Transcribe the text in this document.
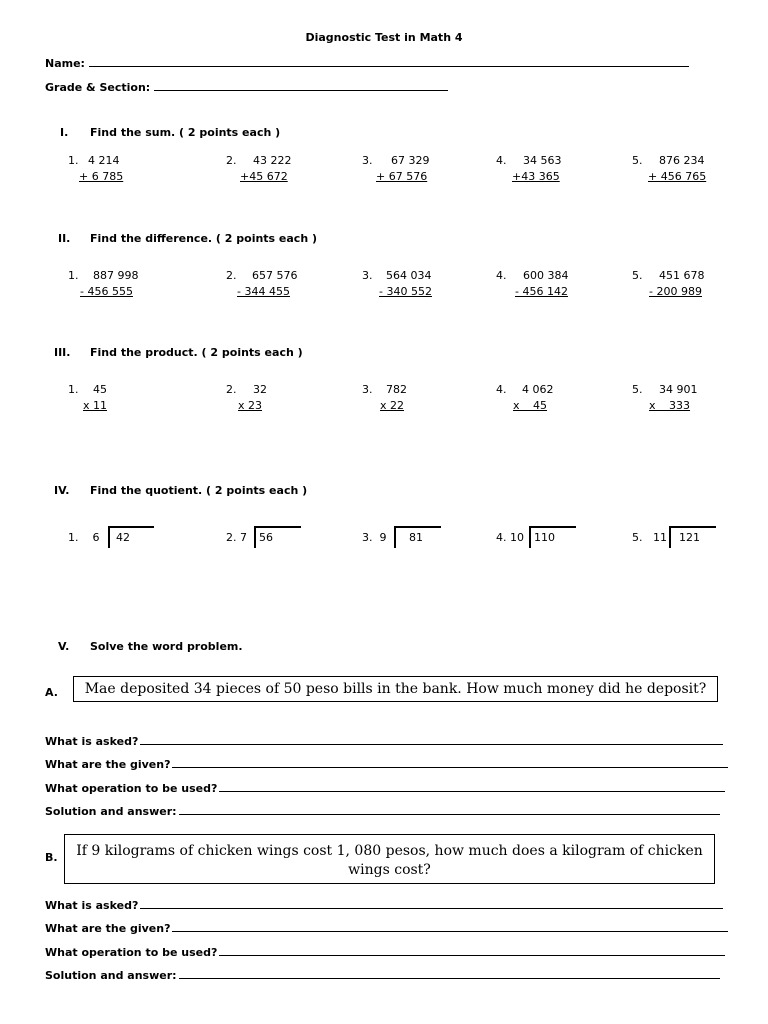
Diagnostic Test in Math 4
Name:
Grade & Section:
I. Find the sum. ( 2 points each )
1. 4 214
+ 6 785
2. 43 222
+45 672
3. 67 329
+ 67 576
4. 34 563
+43 365
5. 876 234
+ 456 765
II. Find the difference. ( 2 points each )
1. 887 998
- 456 555
2. 657 576
- 344 455
3. 564 034
- 340 552
4. 600 384
- 456 142
5. 451 678
- 200 989
III. Find the product. ( 2 points each )
1. 45
x 11
2. 32
x 23
3. 782
x 22
4. 4 062
x 45
5. 34 901
x 333
IV. Find the quotient. ( 2 points each )
1. 6 42	2. 7 56	3. 9 81	4. 10 110	5. 11 121
V. Solve the word problem.
A.	Mae deposited 34 pieces of 50 peso bills in the bank. How much money did he deposit?
What is asked?
What are the given?
What operation to be used?
Solution and answer:
B.	If 9 kilograms of chicken wings cost 1, 080 pesos, how much does a kilogram of chicken wings cost?
What is asked?
What are the given?
What operation to be used?
Solution and answer:
